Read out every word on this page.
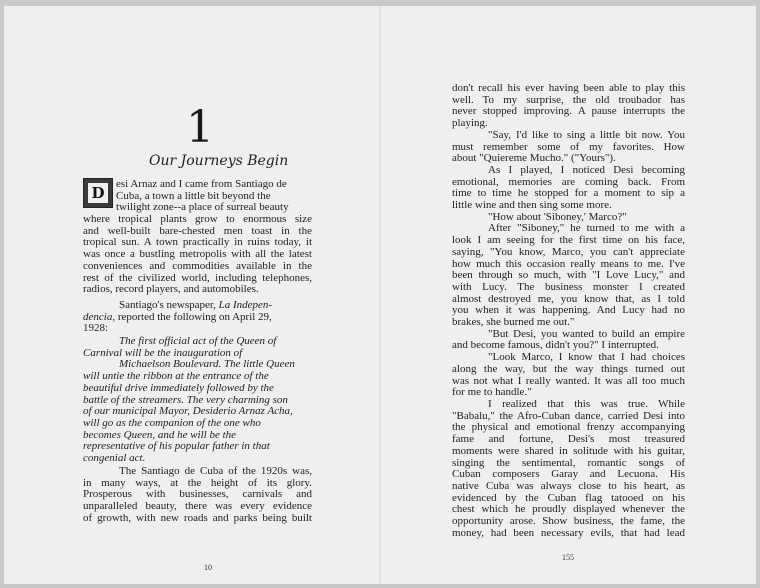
1
Our Journeys Begin
D	esi Arnaz and I came from Santiago de

Cuba, a town a little bit beyond the

twilight zone--a place of surreal beauty

where tropical plants grow to enormous size

and well-built bare-chested men toast in the

tropical sun. A town practically in ruins today, it

was once a bustling metropolis with all the latest

conveniences and commodities available in the

rest of the civilized world, including telephones,

radios, record players, and automobiles.

Santiago's newspaper, La Indepen-

dencia, reported the following on April 29,

1928:

The first official act of the Queen of

Carnival will be the inauguration of

Michaelson Boulevard. The little Queen

will untie the ribbon at the entrance of the

beautiful drive immediately followed by the

battle of the streamers. The very charming son

of our municipal Mayor, Desiderio Arnaz Acha,

will go as the companion of the one who

becomes Queen, and he will be the

representative of his popular father in that

congenial act.

The Santiago de Cuba of the 1920s was,

in many ways, at the height of its glory.

Prosperous with businesses, carnivals and

unparalleled beauty, there was every evidence

of growth, with new roads and parks being built

10

don't recall his ever having been able to play this

well. To my surprise, the old troubador has

never stopped improving. A pause interrupts the

playing.

"Say, I'd like to sing a little bit now. You

must remember some of my favorites. How

about "Quiereme Mucho." ("Yours").

As I played, I noticed Desi becoming

emotional, memories are coming back. From

time to time he stopped for a moment to sip a

little wine and then sing some more.

"How about 'Siboney,' Marco?"

After "Siboney," he turned to me with a

look I am seeing for the first time on his face,

saying, "You know, Marco, you can't appreciate

how much this occasion really means to me. I've

been through so much, with "I Love Lucy," and

with Lucy. The business monster I created

almost destroyed me, you know that, as I told

you when it was happening. And Lucy had no

brakes, she burned me out."

"But Desi, you wanted to build an empire

and become famous, didn't you?" I interrupted.

"Look Marco, I know that I had choices

along the way, but the way things turned out

was not what I really wanted. It was all too much

for me to handle."

I realized that this was true. While

"Babalu," the Afro-Cuban dance, carried Desi into

the physical and emotional frenzy accompanying

fame and fortune, Desi's most treasured

moments were shared in solitude with his guitar,

singing the sentimental, romantic songs of

Cuban composers Garay and Lecuona. His

native Cuba was always close to his heart, as

evidenced by the Cuban flag tatooed on his

chest which he proudly displayed whenever the

opportunity arose. Show business, the fame, the

money, had been necessary evils, that had lead

155
